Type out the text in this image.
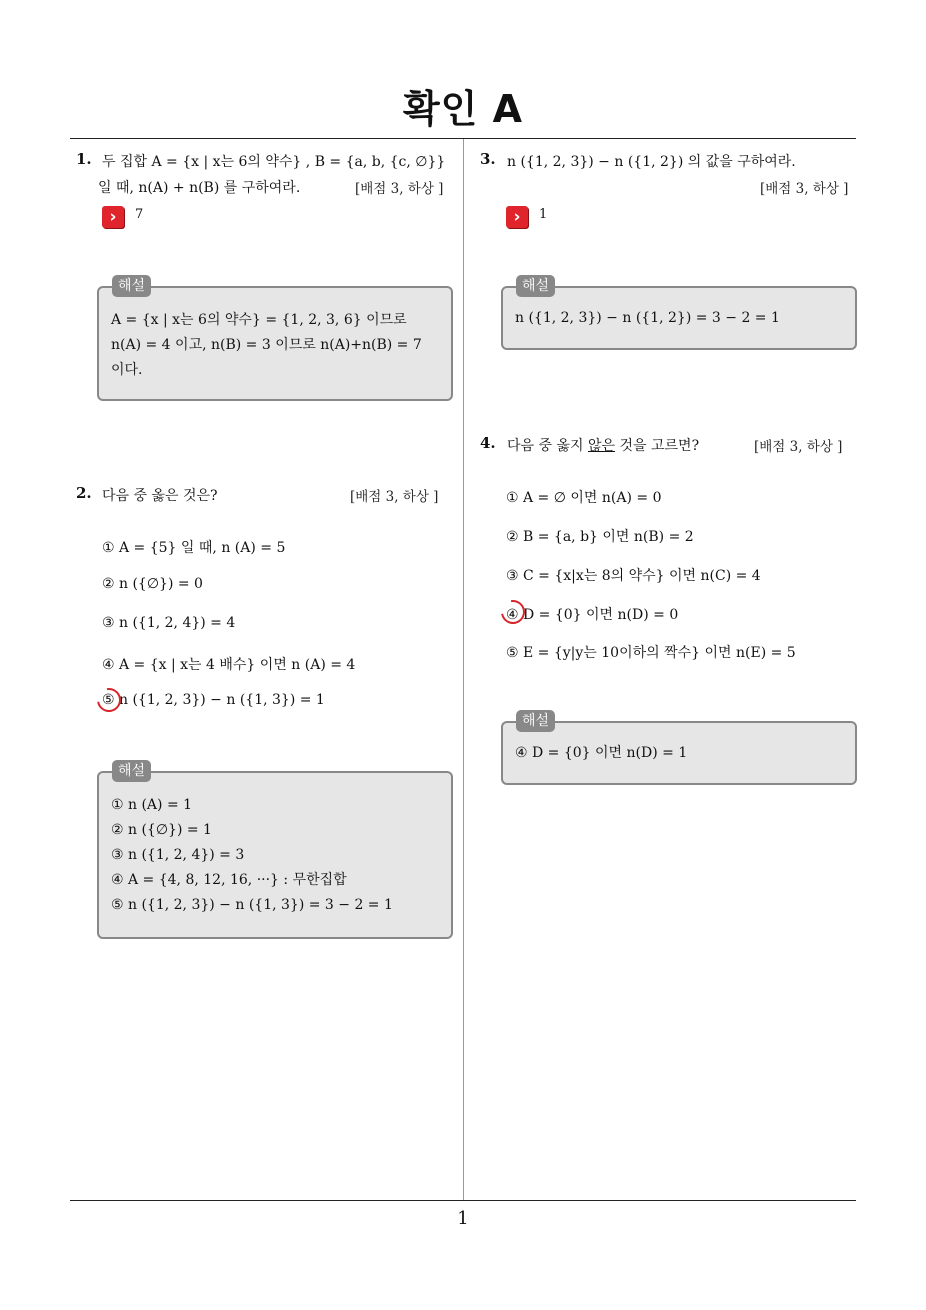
확인 A
1
1. 두 집합 A = {x | x는 6의 약수} , B = {a, b, {c, ∅}}
일 때, n(A) + n(B) 를 구하여라.	[배점 3, 하상 ]
›	7
A = {x | x는 6의 약수} = {1, 2, 3, 6} 이므로
n(A) = 4 이고, n(B) = 3 이므로 n(A)+n(B) = 7
이다.
해설
2. 다음 중 옳은 것은?	[배점 3, 하상 ]
① A = {5} 일 때, n (A) = 5
② n ({∅}) = 0
③ n ({1, 2, 4}) = 4
④ A = {x | x는 4 배수} 이면 n (A) = 4
⑤ n ({1, 2, 3}) − n ({1, 3}) = 1
① n (A) = 1
② n ({∅}) = 1
③ n ({1, 2, 4}) = 3
④ A = {4, 8, 12, 16, ···} : 무한집합
⑤ n ({1, 2, 3}) − n ({1, 3}) = 3 − 2 = 1
해설
3. n ({1, 2, 3}) − n ({1, 2}) 의 값을 구하여라.
[배점 3, 하상 ]
›	1
n ({1, 2, 3}) − n ({1, 2}) = 3 − 2 = 1
해설
4. 다음 중 옳지 않은 것을 고르면?	[배점 3, 하상 ]
① A = ∅ 이면 n(A) = 0
② B = {a, b} 이면 n(B) = 2
③ C = {x|x는 8의 약수} 이면 n(C) = 4
④ D = {0} 이면 n(D) = 0
⑤ E = {y|y는 10이하의 짝수} 이면 n(E) = 5
④ D = {0} 이면 n(D) = 1
해설
